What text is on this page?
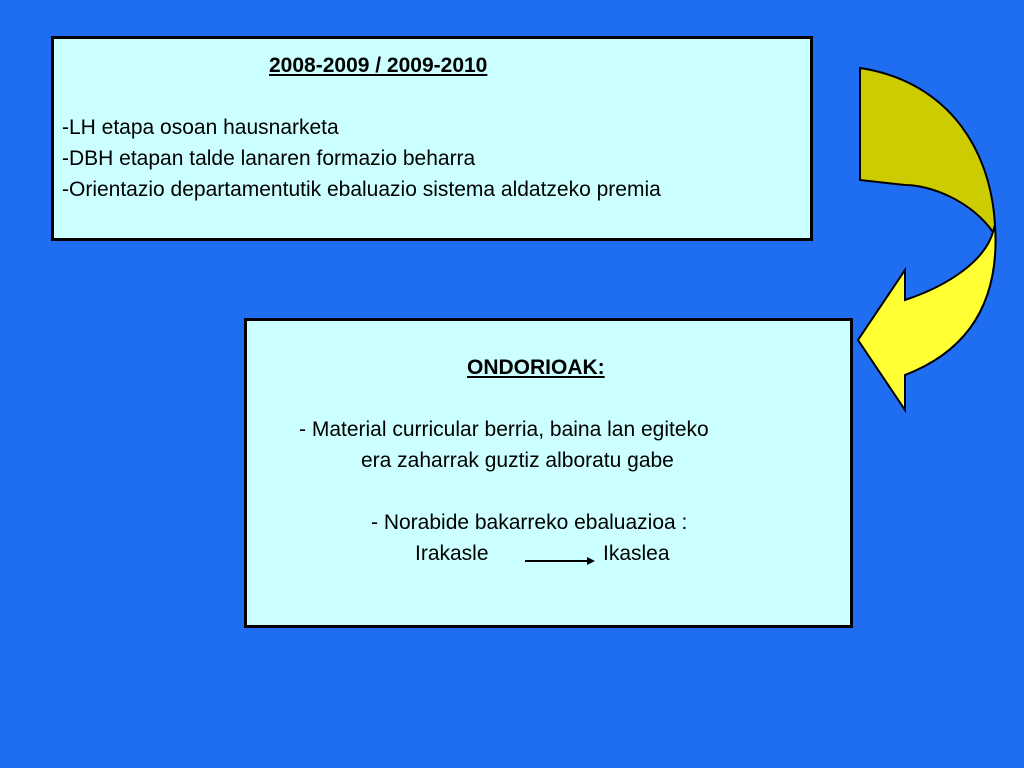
2008-2009 / 2009-2010
-LH etapa osoan hausnarketa
-DBH etapan talde lanaren formazio beharra
-Orientazio departamentutik ebaluazio sistema aldatzeko premia
ONDORIOAK:
- Material curricular berria, baina lan egiteko
era zaharrak guztiz alboratu gabe
- Norabide bakarreko ebaluazioa :
Irakasle	Ikaslea
